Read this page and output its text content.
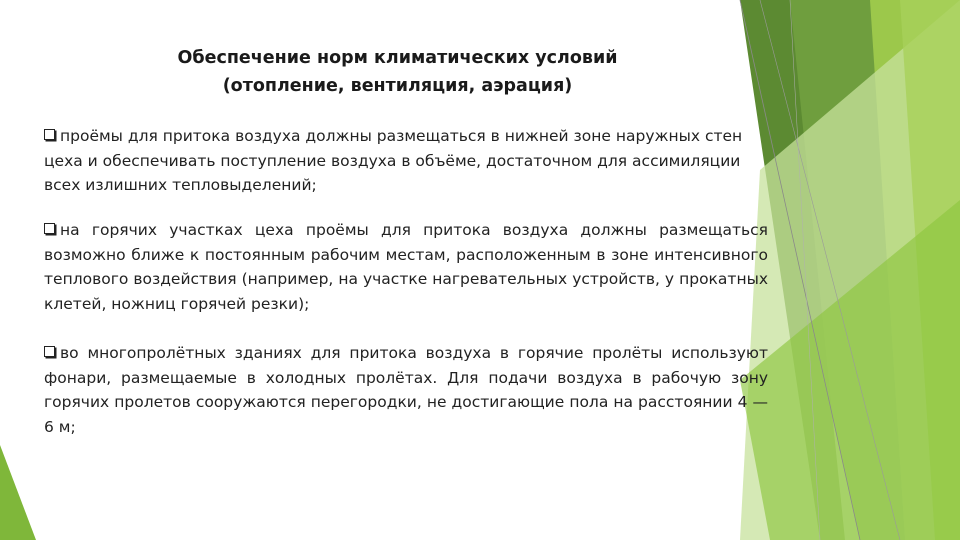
Обеспечение норм климатических условий
(отопление, вентиляция, аэрация)
проёмы для притока воздуха должны размещаться в нижней зоне наружных стен цеха и обеспечивать поступление воздуха в объёме, достаточном для ассимиляции всех излишних тепловыделений;
на горячих участках цеха проёмы для притока воздуха должны размещаться возможно ближе к постоянным рабочим местам, расположенным в зоне интенсивного теплового воздействия (например, на участке нагревательных устройств, у прокатных клетей, ножниц горячей резки);
во многопролётных зданиях для притока воздуха в горячие пролёты используют фонари, размещаемые в холодных пролётах. Для подачи воздуха в рабочую зону горячих пролетов сооружаются перегородки, не достигающие пола на расстоянии 4 —6 м;
